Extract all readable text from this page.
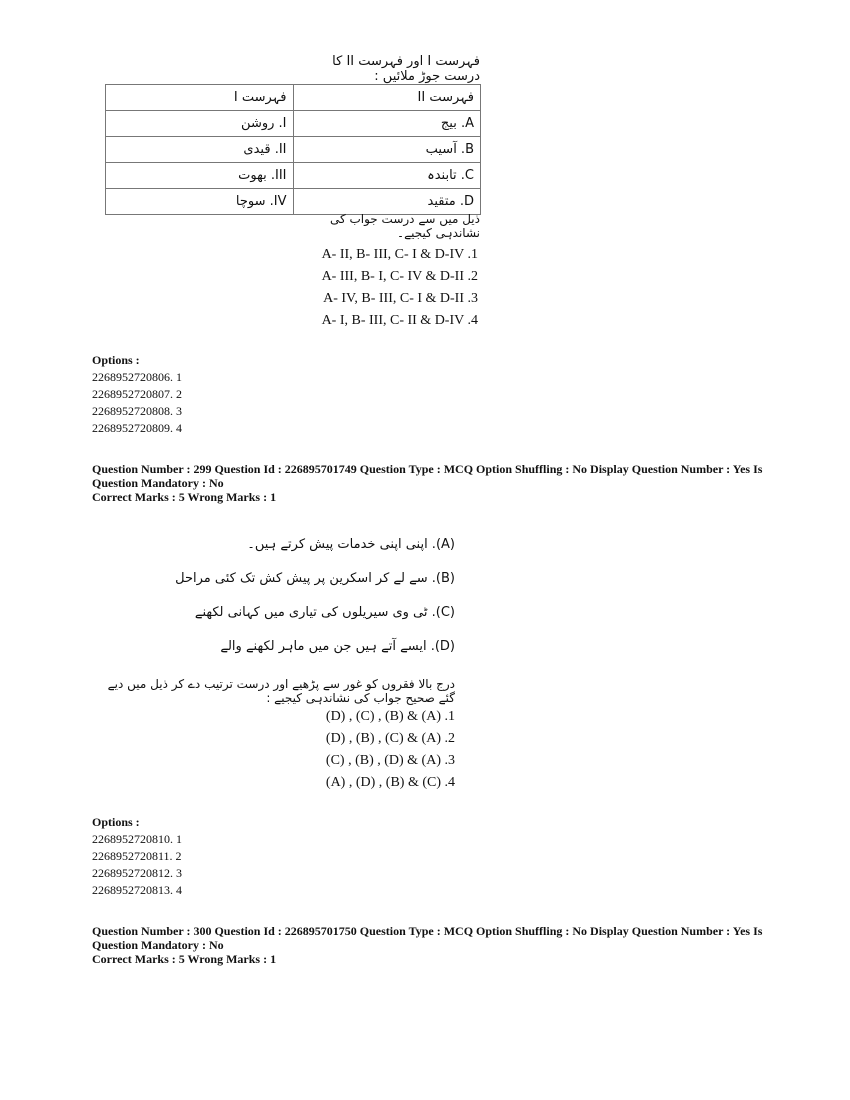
فہرست I اور فہرست II کا درست جوڑ ملائیں :
فہرست I	فہرست II
I. روشن	A. بیج
II. قیدی	B. آسیب
III. بھوت	C. تابندہ
IV. سوچا	D. متقید
ذیل میں سے درست جواب کی نشاندہی کیجیے۔
A- II, B- III, C- I & D-IV .1
A- III, B- I, C- IV & D-II .2
A- IV, B- III, C- I & D-II .3
A- I, B- III, C- II & D-IV .4
Options :
2268952720806. 1
2268952720807. 2
2268952720808. 3
2268952720809. 4
Question Number : 299 Question Id : 226895701749 Question Type : MCQ Option Shuffling : No Display Question Number : Yes Is
Question Mandatory : No
Correct Marks : 5 Wrong Marks : 1
(A). اپنی اپنی خدمات پیش کرتے ہیں۔
(B). سے لے کر اسکرین پر پیش کش تک کئی مراحل
(C). ٹی وی سیریلوں کی تیاری میں کہانی لکھنے
(D). ایسے آتے ہیں جن میں ماہر لکھنے والے
درج بالا فقروں کو غور سے پڑھیے اور درست ترتیب دے کر ذیل میں دیے گئے صحیح جواب کی نشاندہی کیجیے :
(D) , (C) , (B) & (A) .1
(D) , (B) , (C) & (A) .2
(C) , (B) , (D) & (A) .3
(A) , (D) , (B) & (C) .4
Options :
2268952720810. 1
2268952720811. 2
2268952720812. 3
2268952720813. 4
Question Number : 300 Question Id : 226895701750 Question Type : MCQ Option Shuffling : No Display Question Number : Yes Is
Question Mandatory : No
Correct Marks : 5 Wrong Marks : 1
